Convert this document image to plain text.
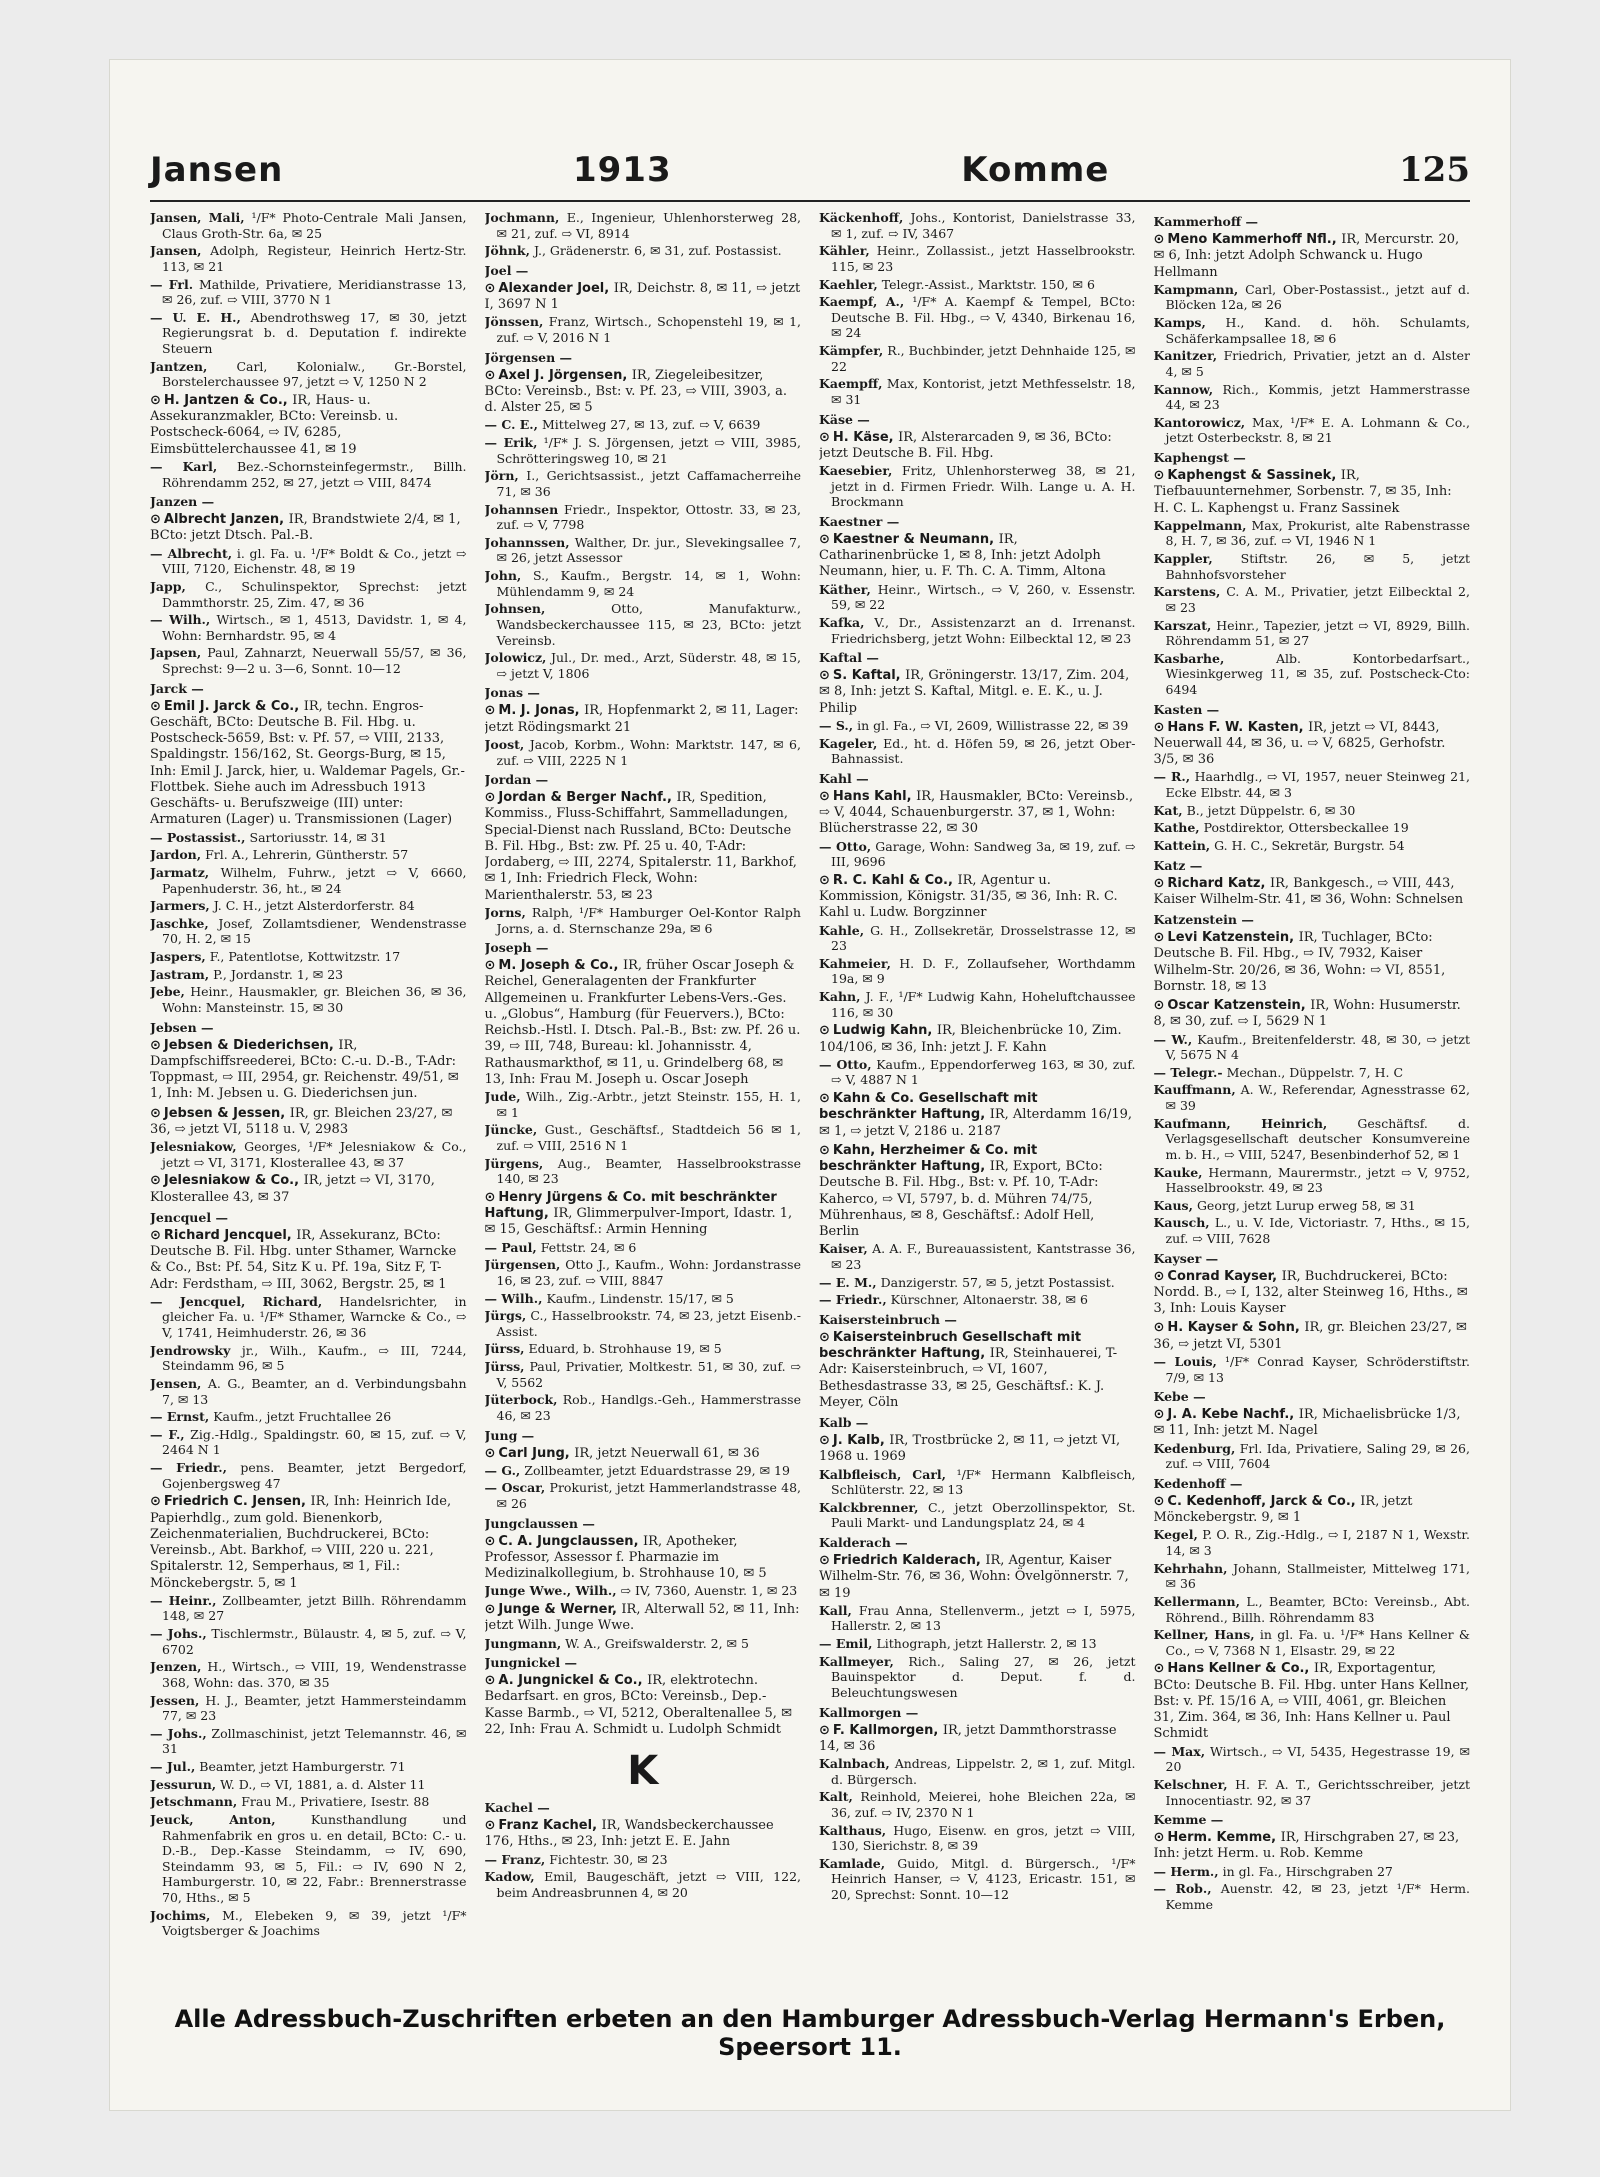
Jansen	1913	Komme	125
Jansen, Mali, ¹/F* Photo-Centrale Mali Jansen, Claus Groth-Str. 6a, ✉ 25
Jansen, Adolph, Registeur, Heinrich Hertz-Str. 113, ✉ 21
— Frl. Mathilde, Privatiere, Meridianstrasse 13, ✉ 26, zuf. ⇨ VIII, 3770 N 1
— U. E. H., Abendrothsweg 17, ✉ 30, jetzt Regierungsrat b. d. Deputation f. indirekte Steuern
Jantzen, Carl, Kolonialw., Gr.-Borstel, Borstelerchaussee 97, jetzt ⇨ V, 1250 N 2
⊙ H. Jantzen & Co., IR, Haus- u. Assekuranzmakler, BCto: Vereinsb. u. Postscheck-6064, ⇨ IV, 6285, Eimsbüttelerchaussee 41, ✉ 19
— Karl, Bez.-Schornsteinfegermstr., Billh. Röhrendamm 252, ✉ 27, jetzt ⇨ VIII, 8474
Janzen —
⊙ Albrecht Janzen, IR, Brandstwiete 2/4, ✉ 1, BCto: jetzt Dtsch. Pal.-B.
— Albrecht, i. gl. Fa. u. ¹/F* Boldt & Co., jetzt ⇨ VIII, 7120, Eichenstr. 48, ✉ 19
Japp, C., Schulinspektor, Sprechst: jetzt Dammthorstr. 25, Zim. 47, ✉ 36
— Wilh., Wirtsch., ✉ 1, 4513, Davidstr. 1, ✉ 4, Wohn: Bernhardstr. 95, ✉ 4
Japsen, Paul, Zahnarzt, Neuerwall 55/57, ✉ 36, Sprechst: 9—2 u. 3—6, Sonnt. 10—12
Jarck —
⊙ Emil J. Jarck & Co., IR, techn. Engros-Geschäft, BCto: Deutsche B. Fil. Hbg. u. Postscheck-5659, Bst: v. Pf. 57, ⇨ VIII, 2133, Spaldingstr. 156/162, St. Georgs-Burg, ✉ 15, Inh: Emil J. Jarck, hier, u. Waldemar Pagels, Gr.-Flottbek. Siehe auch im Adressbuch 1913 Geschäfts- u. Berufszweige (III) unter: Armaturen (Lager) u. Transmissionen (Lager)
— Postassist., Sartoriusstr. 14, ✉ 31
Jardon, Frl. A., Lehrerin, Güntherstr. 57
Jarmatz, Wilhelm, Fuhrw., jetzt ⇨ V, 6660, Papenhuderstr. 36, ht., ✉ 24
Jarmers, J. C. H., jetzt Alsterdorferstr. 84
Jaschke, Josef, Zollamtsdiener, Wendenstrasse 70, H. 2, ✉ 15
Jaspers, F., Patentlotse, Kottwitzstr. 17
Jastram, P., Jordanstr. 1, ✉ 23
Jebe, Heinr., Hausmakler, gr. Bleichen 36, ✉ 36, Wohn: Mansteinstr. 15, ✉ 30
Jebsen —
⊙ Jebsen & Diederichsen, IR, Dampfschiffsreederei, BCto: C.-u. D.-B., T-Adr: Toppmast, ⇨ III, 2954, gr. Reichenstr. 49/51, ✉ 1, Inh: M. Jebsen u. G. Diederichsen jun.
⊙ Jebsen & Jessen, IR, gr. Bleichen 23/27, ✉ 36, ⇨ jetzt VI, 5118 u. V, 2983
Jelesniakow, Georges, ¹/F* Jelesniakow & Co., jetzt ⇨ VI, 3171, Klosterallee 43, ✉ 37
⊙ Jelesniakow & Co., IR, jetzt ⇨ VI, 3170, Klosterallee 43, ✉ 37
Jencquel —
⊙ Richard Jencquel, IR, Assekuranz, BCto: Deutsche B. Fil. Hbg. unter Sthamer, Warncke & Co., Bst: Pf. 54, Sitz K u. Pf. 19a, Sitz F, T-Adr: Ferdstham, ⇨ III, 3062, Bergstr. 25, ✉ 1
— Jencquel, Richard, Handelsrichter, in gleicher Fa. u. ¹/F* Sthamer, Warncke & Co., ⇨ V, 1741, Heimhuderstr. 26, ✉ 36
Jendrowsky jr., Wilh., Kaufm., ⇨ III, 7244, Steindamm 96, ✉ 5
Jensen, A. G., Beamter, an d. Verbindungsbahn 7, ✉ 13
— Ernst, Kaufm., jetzt Fruchtallee 26
— F., Zig.-Hdlg., Spaldingstr. 60, ✉ 15, zuf. ⇨ V, 2464 N 1
— Friedr., pens. Beamter, jetzt Bergedorf, Gojenbergsweg 47
⊙ Friedrich C. Jensen, IR, Inh: Heinrich Ide, Papierhdlg., zum gold. Bienenkorb, Zeichenmaterialien, Buchdruckerei, BCto: Vereinsb., Abt. Barkhof, ⇨ VIII, 220 u. 221, Spitalerstr. 12, Semperhaus, ✉ 1, Fil.: Mönckebergstr. 5, ✉ 1
— Heinr., Zollbeamter, jetzt Billh. Röhrendamm 148, ✉ 27
— Johs., Tischlermstr., Bülaustr. 4, ✉ 5, zuf. ⇨ V, 6702
Jenzen, H., Wirtsch., ⇨ VIII, 19, Wendenstrasse 368, Wohn: das. 370, ✉ 35
Jessen, H. J., Beamter, jetzt Hammersteindamm 77, ✉ 23
— Johs., Zollmaschinist, jetzt Telemannstr. 46, ✉ 31
— Jul., Beamter, jetzt Hamburgerstr. 71
Jessurun, W. D., ⇨ VI, 1881, a. d. Alster 11
Jetschmann, Frau M., Privatiere, Isestr. 88
Jeuck, Anton,	Kunsthandlung und Rahmenfabrik en gros u. en detail, BCto: C.- u. D.-B., Dep.-Kasse Steindamm, ⇨ IV, 690, Steindamm 93, ✉ 5, Fil.: ⇨ IV, 690 N 2, Hamburgerstr. 10, ✉ 22, Fabr.: Brennerstrasse 70, Hths., ✉ 5
Jochims, M., Elebeken 9, ✉ 39, jetzt ¹/F* Voigtsberger & Joachims
Jochmann, E., Ingenieur, Uhlenhorsterweg 28, ✉ 21, zuf. ⇨ VI, 8914
Jöhnk, J., Grädenerstr. 6, ✉ 31, zuf. Postassist.
Joel —
⊙ Alexander Joel, IR, Deichstr. 8, ✉ 11, ⇨ jetzt I, 3697 N 1
Jönssen, Franz, Wirtsch., Schopenstehl 19, ✉ 1, zuf. ⇨ V, 2016 N 1
Jörgensen —
⊙ Axel J. Jörgensen, IR, Ziegeleibesitzer, BCto: Vereinsb., Bst: v. Pf. 23, ⇨ VIII, 3903, a. d. Alster 25, ✉ 5
— C. E., Mittelweg 27, ✉ 13, zuf. ⇨ V, 6639
— Erik, ¹/F* J. S. Jörgensen, jetzt ⇨ VIII, 3985, Schrötteringsweg 10, ✉ 21
Jörn, I., Gerichtsassist., jetzt Caffamacherreihe 71, ✉ 36
Johannsen Friedr., Inspektor, Ottostr. 33, ✉ 23, zuf. ⇨ V, 7798
Johannssen, Walther, Dr. jur., Slevekingsallee 7, ✉ 26, jetzt Assessor
John, S., Kaufm., Bergstr. 14, ✉ 1, Wohn: Mühlendamm 9, ✉ 24
Johnsen,	Otto, Manufakturw., Wandsbeckerchaussee 115, ✉ 23, BCto: jetzt Vereinsb.
Jolowicz, Jul., Dr. med., Arzt, Süderstr. 48, ✉ 15, ⇨ jetzt V, 1806
Jonas —
⊙ M. J. Jonas, IR, Hopfenmarkt 2, ✉ 11, Lager: jetzt Rödingsmarkt 21
Joost, Jacob, Korbm., Wohn: Marktstr. 147, ✉ 6, zuf. ⇨ VIII, 2225 N 1
Jordan —
⊙ Jordan & Berger Nachf., IR, Spedition, Kommiss., Fluss-Schiffahrt, Sammelladungen, Special-Dienst nach Russland, BCto: Deutsche B. Fil. Hbg., Bst: zw. Pf. 25 u. 40, T-Adr: Jordaberg, ⇨ III, 2274, Spitalerstr. 11, Barkhof, ✉ 1, Inh: Friedrich Fleck, Wohn: Marienthalerstr. 53, ✉ 23
Jorns, Ralph, ¹/F* Hamburger Oel-Kontor Ralph Jorns, a. d. Sternschanze 29a, ✉ 6
Joseph —
⊙ M. Joseph & Co., IR, früher Oscar Joseph & Reichel, Generalagenten der Frankfurter Allgemeinen u. Frankfurter Lebens-Vers.-Ges. u. „Globus“, Hamburg (für Feuervers.), BCto: Reichsb.-Hstl. I. Dtsch. Pal.-B., Bst: zw. Pf. 26 u. 39, ⇨ III, 748, Bureau: kl. Johannisstr. 4, Rathausmarkthof, ✉ 11, u. Grindelberg 68, ✉ 13, Inh: Frau M. Joseph u. Oscar Joseph
Jude, Wilh., Zig.-Arbtr., jetzt Steinstr. 155, H. 1, ✉ 1
Jüncke, Gust., Geschäftsf., Stadtdeich 56 ✉ 1, zuf. ⇨ VIII, 2516 N 1
Jürgens, Aug., Beamter, Hasselbrookstrasse 140, ✉ 23
⊙ Henry Jürgens & Co. mit beschränkter Haftung, IR, Glimmerpulver-Import, Idastr. 1, ✉ 15, Geschäftsf.: Armin Henning
— Paul, Fettstr. 24, ✉ 6
Jürgensen, Otto J., Kaufm., Wohn: Jordanstrasse 16, ✉ 23, zuf. ⇨ VIII, 8847
— Wilh., Kaufm., Lindenstr. 15/17, ✉ 5
Jürgs, C., Hasselbrookstr. 74, ✉ 23, jetzt Eisenb.-Assist.
Jürss, Eduard, b. Strohhause 19, ✉ 5
Jürss, Paul, Privatier, Moltkestr. 51, ✉ 30, zuf. ⇨ V, 5562
Jüterbock, Rob., Handlgs.-Geh., Hammerstrasse 46, ✉ 23
Jung —
⊙ Carl Jung, IR, jetzt Neuerwall 61, ✉ 36
— G., Zollbeamter, jetzt Eduardstrasse 29, ✉ 19
— Oscar, Prokurist, jetzt Hammerlandstrasse 48, ✉ 26
Jungclaussen —
⊙ C. A. Jungclaussen, IR, Apotheker, Professor, Assessor f. Pharmazie im Medizinalkollegium, b. Strohhause 10, ✉ 5
Junge Wwe., Wilh., ⇨ IV, 7360, Auenstr. 1, ✉ 23
⊙ Junge & Werner, IR, Alterwall 52, ✉ 11, Inh: jetzt Wilh. Junge Wwe.
Jungmann, W. A., Greifswalderstr. 2, ✉ 5
Jungnickel —
⊙ A. Jungnickel & Co., IR, elektrotechn. Bedarfsart. en gros, BCto: Vereinsb., Dep.-Kasse Barmb., ⇨ VI, 5212, Oberaltenallee 5, ✉ 22, Inh: Frau A. Schmidt u. Ludolph Schmidt
K
Kachel —
⊙ Franz Kachel, IR, Wandsbeckerchaussee 176, Hths., ✉ 23, Inh: jetzt E. E. Jahn
— Franz, Fichtestr. 30, ✉ 23
Kadow, Emil, Baugeschäft, jetzt ⇨ VIII, 122, beim Andreasbrunnen 4, ✉ 20
Käckenhoff, Johs., Kontorist, Danielstrasse 33, ✉ 1, zuf. ⇨ IV, 3467
Kähler, Heinr., Zollassist., jetzt Hasselbrookstr. 115, ✉ 23
Kaehler, Telegr.-Assist., Marktstr. 150, ✉ 6
Kaempf, A., ¹/F* A. Kaempf & Tempel, BCto: Deutsche B. Fil. Hbg., ⇨ V, 4340, Birkenau 16, ✉ 24
Kämpfer, R., Buchbinder, jetzt Dehnhaide 125, ✉ 22
Kaempff, Max, Kontorist, jetzt Methfesselstr. 18, ✉ 31
Käse —
⊙ H. Käse, IR, Alsterarcaden 9, ✉ 36, BCto: jetzt Deutsche B. Fil. Hbg.
Kaesebier, Fritz, Uhlenhorsterweg 38, ✉ 21, jetzt in d. Firmen Friedr. Wilh. Lange u. A. H. Brockmann
Kaestner —
⊙ Kaestner & Neumann, IR, Catharinenbrücke 1, ✉ 8, Inh: jetzt Adolph Neumann, hier, u. F. Th. C. A. Timm, Altona
Käther, Heinr., Wirtsch., ⇨ V, 260, v. Essenstr. 59, ✉ 22
Kafka, V., Dr., Assistenzarzt an d. Irrenanst. Friedrichsberg, jetzt Wohn: Eilbecktal 12, ✉ 23
Kaftal —
⊙ S. Kaftal, IR, Gröningerstr. 13/17, Zim. 204, ✉ 8, Inh: jetzt S. Kaftal, Mitgl. e. E. K., u. J. Philip
— S., in gl. Fa., ⇨ VI, 2609, Willistrasse 22, ✉ 39
Kageler, Ed., ht. d. Höfen 59, ✉ 26, jetzt Ober-Bahnassist.
Kahl —
⊙ Hans Kahl, IR, Hausmakler, BCto: Vereinsb., ⇨ V, 4044, Schauenburgerstr. 37, ✉ 1, Wohn: Blücherstrasse 22, ✉ 30
— Otto, Garage, Wohn: Sandweg 3a, ✉ 19, zuf. ⇨ III, 9696
⊙ R. C. Kahl & Co., IR, Agentur u. Kommission, Königstr. 31/35, ✉ 36, Inh: R. C. Kahl u. Ludw. Borgzinner
Kahle, G. H., Zollsekretär, Drosselstrasse 12, ✉ 23
Kahmeier, H. D. F., Zollaufseher, Worthdamm 19a, ✉ 9
Kahn, J. F., ¹/F* Ludwig Kahn, Hoheluftchaussee 116, ✉ 30
⊙ Ludwig Kahn, IR, Bleichenbrücke 10, Zim. 104/106, ✉ 36, Inh: jetzt J. F. Kahn
— Otto, Kaufm., Eppendorferweg 163, ✉ 30, zuf. ⇨ V, 4887 N 1
⊙ Kahn & Co. Gesellschaft mit beschränkter Haftung, IR, Alterdamm 16/19, ✉ 1, ⇨ jetzt V, 2186 u. 2187
⊙ Kahn, Herzheimer & Co. mit beschränkter Haftung, IR, Export, BCto: Deutsche B. Fil. Hbg., Bst: v. Pf. 10, T-Adr: Kaherco, ⇨ VI, 5797, b. d. Mühren 74/75, Mührenhaus, ✉ 8, Geschäftsf.: Adolf Hell, Berlin
Kaiser, A. A. F., Bureauassistent, Kantstrasse 36, ✉ 23
— E. M., Danzigerstr. 57, ✉ 5, jetzt Postassist.
— Friedr., Kürschner, Altonaerstr. 38, ✉ 6
Kaisersteinbruch —
⊙ Kaisersteinbruch Gesellschaft mit beschränkter Haftung, IR, Steinhauerei, T-Adr: Kaisersteinbruch, ⇨ VI, 1607, Bethesdastrasse 33, ✉ 25, Geschäftsf.: K. J. Meyer, Cöln
Kalb —
⊙ J. Kalb, IR, Trostbrücke 2, ✉ 11, ⇨ jetzt VI, 1968 u. 1969
Kalbfleisch, Carl, ¹/F* Hermann Kalbfleisch, Schlüterstr. 22, ✉ 13
Kalckbrenner, C., jetzt Oberzollinspektor, St. Pauli Markt- und Landungsplatz 24, ✉ 4
Kalderach —
⊙ Friedrich Kalderach, IR, Agentur, Kaiser Wilhelm-Str. 76, ✉ 36, Wohn: Övelgönnerstr. 7, ✉ 19
Kall, Frau Anna, Stellenverm., jetzt ⇨ I, 5975, Hallerstr. 2, ✉ 13
— Emil, Lithograph, jetzt Hallerstr. 2, ✉ 13
Kallmeyer, Rich., Saling 27, ✉ 26, jetzt Bauinspektor d. Deput. f. d. Beleuchtungswesen
Kallmorgen —
⊙ F. Kallmorgen, IR, jetzt Dammthorstrasse 14, ✉ 36
Kalnbach, Andreas, Lippelstr. 2, ✉ 1, zuf. Mitgl. d. Bürgersch.
Kalt, Reinhold, Meierei, hohe Bleichen 22a, ✉ 36, zuf. ⇨ IV, 2370 N 1
Kalthaus, Hugo, Eisenw. en gros, jetzt ⇨ VIII, 130, Sierichstr. 8, ✉ 39
Kamlade, Guido, Mitgl. d. Bürgersch., ¹/F* Heinrich Hanser, ⇨ V, 4123, Ericastr. 151, ✉ 20, Sprechst: Sonnt. 10—12
Kammerhoff —
⊙ Meno Kammerhoff Nfl., IR, Mercurstr. 20, ✉ 6, Inh: jetzt Adolph Schwanck u. Hugo Hellmann
Kampmann, Carl, Ober-Postassist., jetzt auf d. Blöcken 12a, ✉ 26
Kamps, H., Kand. d. höh. Schulamts, Schäferkampsallee 18, ✉ 6
Kanitzer, Friedrich, Privatier, jetzt an d. Alster 4, ✉ 5
Kannow, Rich., Kommis, jetzt Hammerstrasse 44, ✉ 23
Kantorowicz, Max, ¹/F* E. A. Lohmann & Co., jetzt Osterbeckstr. 8, ✉ 21
Kaphengst —
⊙ Kaphengst & Sassinek, IR, Tiefbauunternehmer, Sorbenstr. 7, ✉ 35, Inh: H. C. L. Kaphengst u. Franz Sassinek
Kappelmann, Max, Prokurist, alte Rabenstrasse 8, H. 7, ✉ 36, zuf. ⇨ VI, 1946 N 1
Kappler, Stiftstr. 26, ✉ 5, jetzt Bahnhofsvorsteher
Karstens, C. A. M., Privatier, jetzt Eilbecktal 2, ✉ 23
Karszat, Heinr., Tapezier, jetzt ⇨ VI, 8929, Billh. Röhrendamm 51, ✉ 27
Kasbarhe,	Alb. Kontorbedarfsart., Wiesinkgerweg 11, ✉ 35, zuf. Postscheck-Cto: 6494
Kasten —
⊙ Hans F. W. Kasten, IR, jetzt ⇨ VI, 8443, Neuerwall 44, ✉ 36, u. ⇨ V, 6825, Gerhofstr. 3/5, ✉ 36
— R., Haarhdlg., ⇨ VI, 1957, neuer Steinweg 21, Ecke Elbstr. 44, ✉ 3
Kat, B., jetzt Düppelstr. 6, ✉ 30
Kathe, Postdirektor, Ottersbeckallee 19
Kattein, G. H. C., Sekretär, Burgstr. 54
Katz —
⊙ Richard Katz, IR, Bankgesch., ⇨ VIII, 443, Kaiser Wilhelm-Str. 41, ✉ 36, Wohn: Schnelsen
Katzenstein —
⊙ Levi Katzenstein, IR, Tuchlager, BCto: Deutsche B. Fil. Hbg., ⇨ IV, 7932, Kaiser Wilhelm-Str. 20/26, ✉ 36, Wohn: ⇨ VI, 8551, Bornstr. 18, ✉ 13
⊙ Oscar Katzenstein, IR, Wohn: Husumerstr. 8, ✉ 30, zuf. ⇨ I, 5629 N 1
— W., Kaufm., Breitenfelderstr. 48, ✉ 30, ⇨ jetzt V, 5675 N 4
— Telegr.- Mechan., Düppelstr. 7, H. C
Kauffmann, A. W., Referendar, Agnesstrasse 62, ✉ 39
Kaufmann, Heinrich, Geschäftsf. d. Verlagsgesellschaft deutscher Konsumvereine m. b. H., ⇨ VIII, 5247, Besenbinderhof 52, ✉ 1
Kauke, Hermann, Maurermstr., jetzt ⇨ V, 9752, Hasselbrookstr. 49, ✉ 23
Kaus, Georg, jetzt Lurup erweg 58, ✉ 31
Kausch, L., u. V. Ide, Victoriastr. 7, Hths., ✉ 15, zuf. ⇨ VIII, 7628
Kayser —
⊙ Conrad Kayser, IR, Buchdruckerei, BCto: Nordd. B., ⇨ I, 132, alter Steinweg 16, Hths., ✉ 3, Inh: Louis Kayser
⊙ H. Kayser & Sohn, IR, gr. Bleichen 23/27, ✉ 36, ⇨ jetzt VI, 5301
— Louis, ¹/F* Conrad Kayser, Schröderstiftstr. 7/9, ✉ 13
Kebe —
⊙ J. A. Kebe Nachf., IR, Michaelisbrücke 1/3, ✉ 11, Inh: jetzt M. Nagel
Kedenburg, Frl. Ida, Privatiere, Saling 29, ✉ 26, zuf. ⇨ VIII, 7604
Kedenhoff —
⊙ C. Kedenhoff, Jarck & Co., IR, jetzt Mönckebergstr. 9, ✉ 1
Kegel, P. O. R., Zig.-Hdlg., ⇨ I, 2187 N 1, Wexstr. 14, ✉ 3
Kehrhahn, Johann, Stallmeister, Mittelweg 171, ✉ 36
Kellermann, L., Beamter, BCto: Vereinsb., Abt. Röhrend., Billh. Röhrendamm 83
Kellner, Hans, in gl. Fa. u. ¹/F* Hans Kellner & Co., ⇨ V, 7368 N 1, Elsastr. 29, ✉ 22
⊙ Hans Kellner & Co., IR, Exportagentur, BCto: Deutsche B. Fil. Hbg. unter Hans Kellner, Bst: v. Pf. 15/16 A, ⇨ VIII, 4061, gr. Bleichen 31, Zim. 364, ✉ 36, Inh: Hans Kellner u. Paul Schmidt
— Max, Wirtsch., ⇨ VI, 5435, Hegestrasse 19, ✉ 20
Kelschner, H. F. A. T., Gerichtsschreiber, jetzt Innocentiastr. 92, ✉ 37
Kemme —
⊙ Herm. Kemme, IR, Hirschgraben 27, ✉ 23, Inh: jetzt Herm. u. Rob. Kemme
— Herm., in gl. Fa., Hirschgraben 27
— Rob., Auenstr. 42, ✉ 23, jetzt ¹/F* Herm. Kemme
Alle Adressbuch-Zuschriften erbeten an den Hamburger Adressbuch-Verlag Hermann's Erben, Speersort 11.
